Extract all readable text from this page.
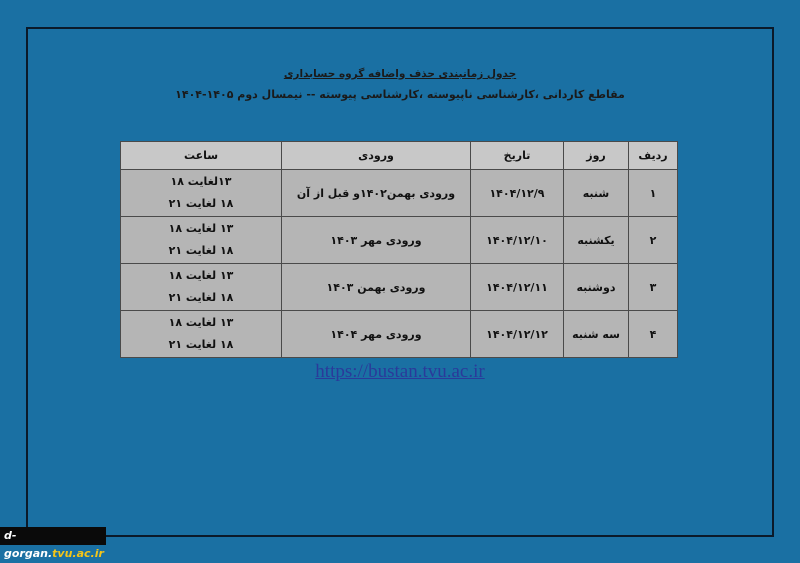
جدول زمانبندی حذف واضافه گروه حسابداری
مقاطع کاردانی ،کارشناسی ناپیوسته ،کارشناسی پیوسته -- نیمسال دوم ۱۴۰۵-۱۴۰۴
ردیف	روز	تاریخ	ورودی	ساعت
۱	شنبه	۱۴۰۴/۱۲/۹	ورودی بهمن۱۴۰۲و قبل از آن	۱۳لغایت ۱۸
۱۸ لغایت ۲۱

۲	یکشنبه	۱۴۰۴/۱۲/۱۰	ورودی مهر ۱۴۰۳	۱۳ لغایت ۱۸
۱۸ لغایت ۲۱

۳	دوشنبه	۱۴۰۴/۱۲/۱۱	ورودی بهمن ۱۴۰۳	۱۳ لغایت ۱۸
۱۸ لغایت ۲۱

۴	سه شنبه	۱۴۰۴/۱۲/۱۲	ورودی مهر ۱۴۰۴	۱۳ لغایت ۱۸
۱۸ لغایت ۲۱
https://bustan.tvu.ac.ir
d-gorgan.tvu.ac.ir
